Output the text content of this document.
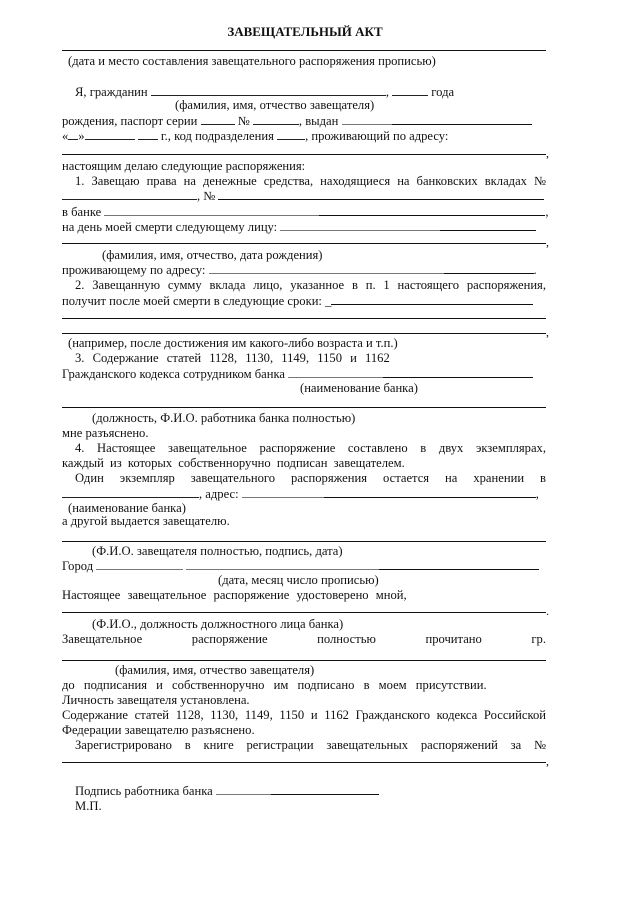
ЗАВЕЩАТЕЛЬНЫЙ АКТ
(дата и место составления завещательного распоряжения прописью)
Я, гражданин	,	года
(фамилия, имя, отчество завещателя)
рождения, паспорт серии	№	, выдан
« »	г., код подразделения , проживающий по адресу:
,
настоящим делаю следующие распоряжения:
1. Завещаю права на денежные средства, находящиеся на банковских вкладах №
, №
в банке	,
на день моей смерти следующему лицу:
,
(фамилия, имя, отчество, дата рождения)
проживающему по адресу:	.
2. Завещанную сумму вклада лицо, указанное в п. 1 настоящего распоряжения,
получит после моей смерти в следующие сроки: _
,
(например, после достижения им какого-либо возраста и т.п.)
3. Содержание статей 1128, 1130, 1149, 1150 и 1162
Гражданского кодекса сотрудником банка
(наименование банка)
(должность, Ф.И.О. работника банка полностью)
мне разъяснено.
4. Настоящее завещательное распоряжение составлено в двух экземплярах,
каждый из которых собственноручно подписан завещателем.
Один экземпляр завещательного распоряжения остается на хранении в
, адрес:	,
(наименование банка)
а другой выдается завещателю.
(Ф.И.О. завещателя полностью, подпись, дата)
Город
(дата, месяц число прописью)
Настоящее завещательное распоряжение удостоверено мной,
.
(Ф.И.О., должность должностного лица банка)
Завещательное распоряжение полностью прочитано гр.
(фамилия, имя, отчество завещателя)
до подписания и собственноручно им подписано в моем присутствии.
Личность завещателя установлена.
Содержание статей 1128, 1130, 1149, 1150 и 1162 Гражданского кодекса Российской
Федерации завещателю разъяснено.
Зарегистрировано в книге регистрации завещательных распоряжений за №
,
Подпись работника банка
М.П.
